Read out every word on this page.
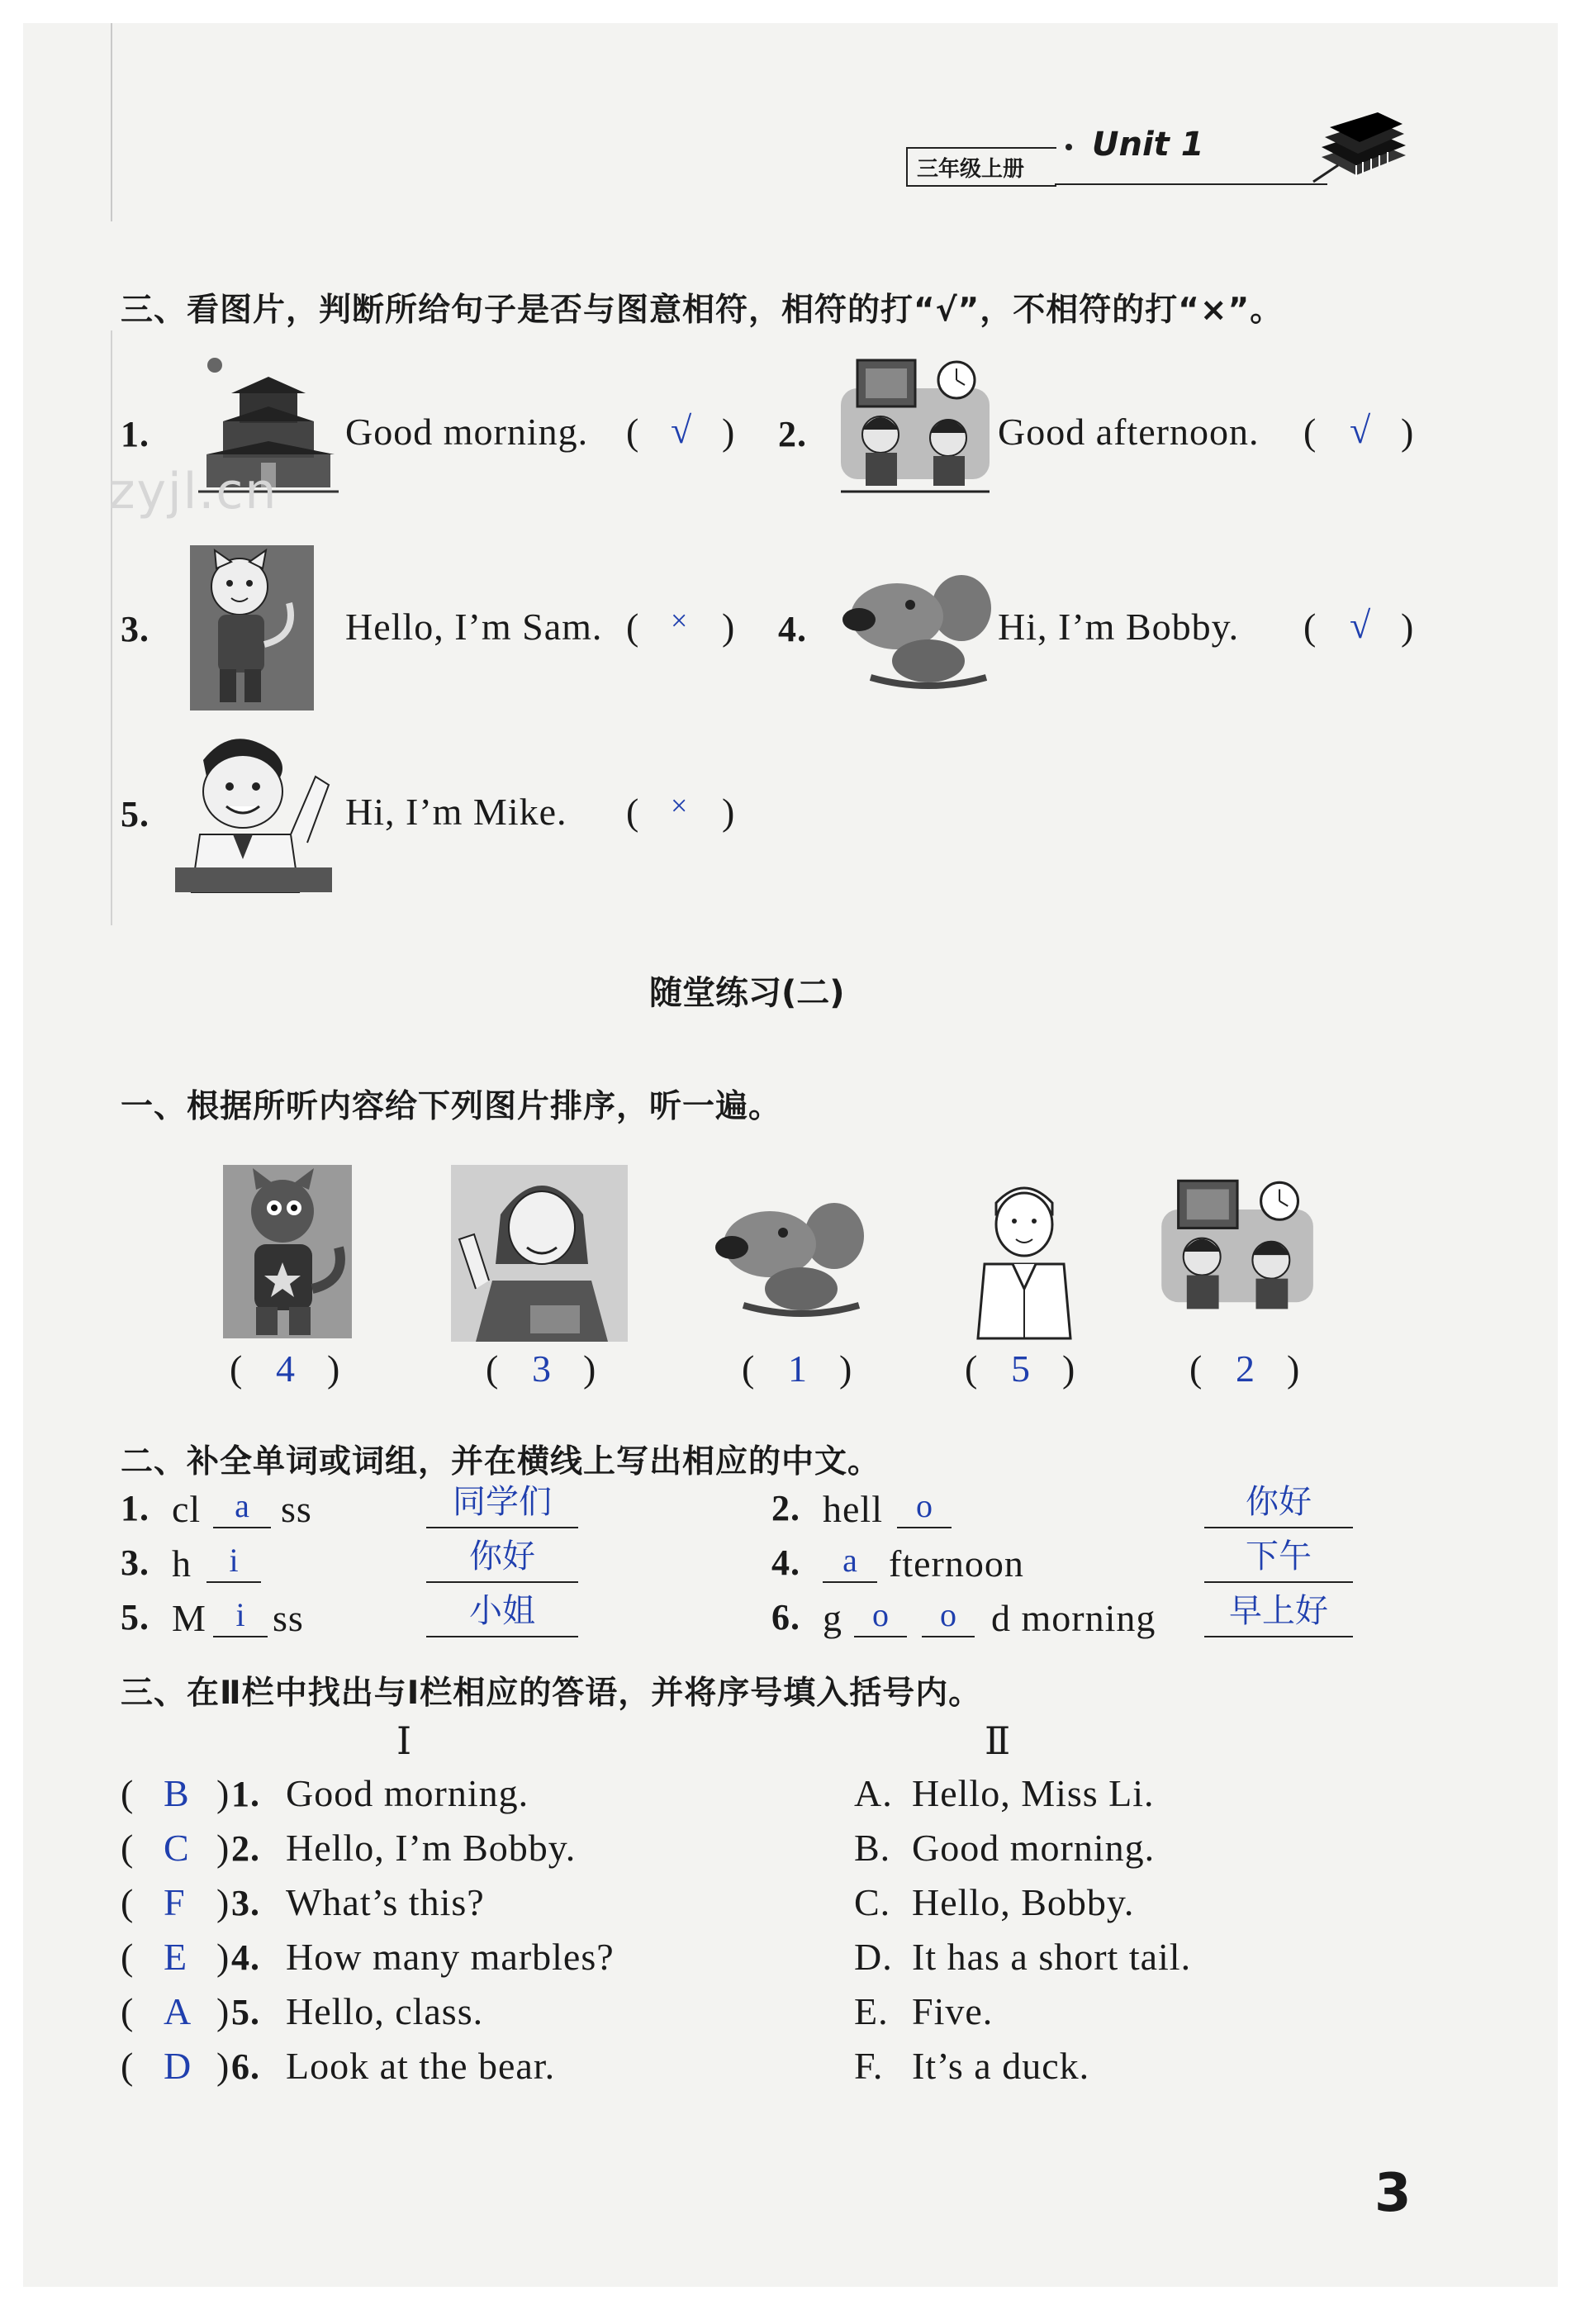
三年级上册
Unit 1
三、看图片，判断所给句子是否与图意相符，相符的打“√”，不相符的打“×”。
1.	Good morning. ( √ ) 2.	Good afternoon. ( √ )
zyjl.cn
3.	Hello, I’m Sam. ( × ) 4.	Hi, I’m Bobby. ( √ )
5.	Hi, I’m Mike. ( × )
随堂练习(二)
一、根据所听内容给下列图片排序，听一遍。
( 4 )	( 3 )	( 1 )	( 5 )	( 2 )
二、补全单词或词组，并在横线上写出相应的中文。
1. cl	a ss	同学们	2. hell	o	你好
3. h	i	你好	4.	a fternoon	下午
5. M i ss	小姐	6. g o	o d morning	早上好
三、在Ⅱ栏中找出与Ⅰ栏相应的答语，并将序号填入括号内。
Ⅰ	Ⅱ
( B ) 1. Good morning.
( C ) 2. Hello, I’m Bobby.
( F ) 3. What’s this?
( E ) 4. How many marbles?
( A ) 5. Hello, class.
( D ) 6. Look at the bear.
A. Hello, Miss Li.
B. Good morning.
C. Hello, Bobby.
D. It has a short tail.
E. Five.
F. It’s a duck.
3
